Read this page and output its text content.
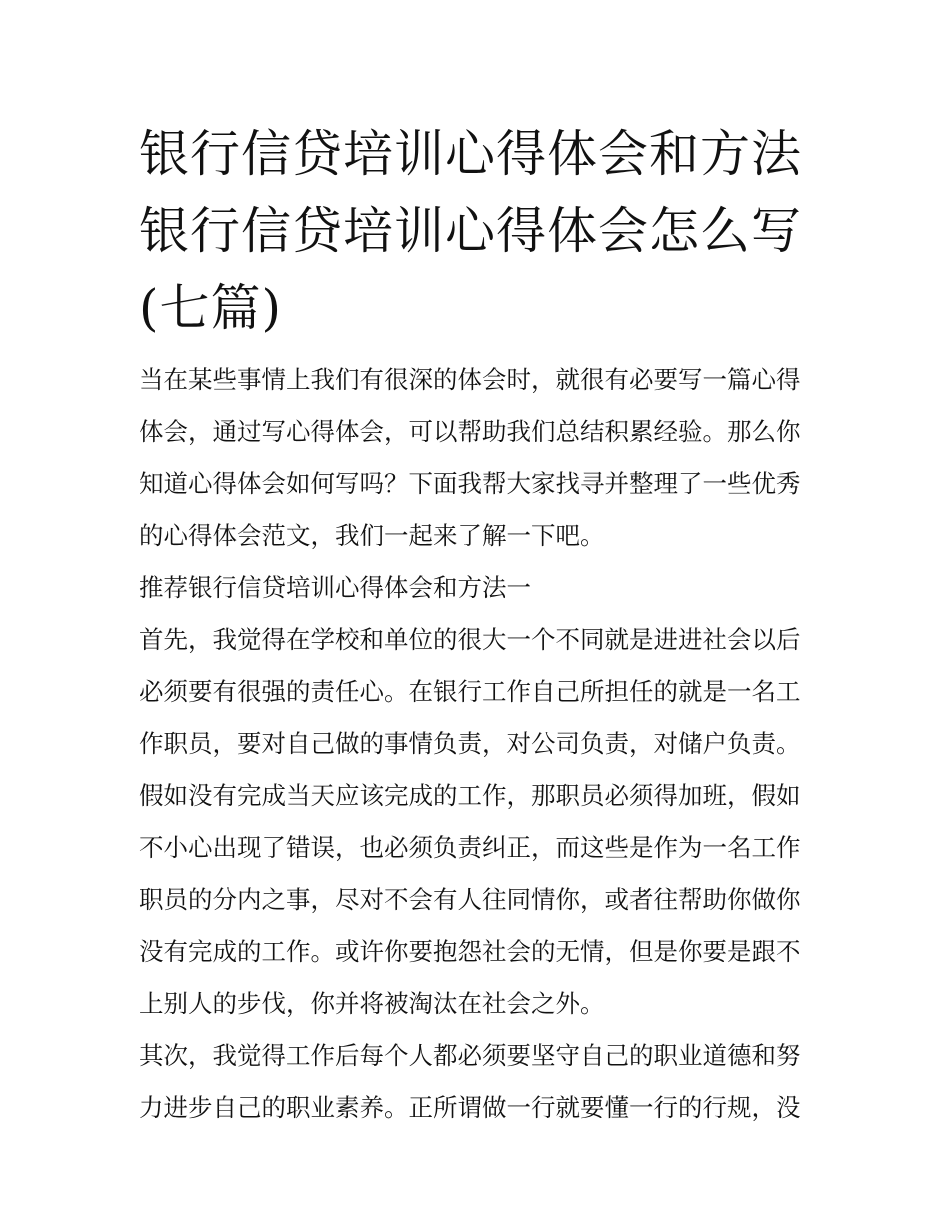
银行信贷培训心得体会和方法
银行信贷培训心得体会怎么写
(七篇)

当在某些事情上我们有很深的体会时，就很有必要写一篇心得体会，通过写心得体会，可以帮助我们总结积累经验。那么你知道心得体会如何写吗？下面我帮大家找寻并整理了一些优秀的心得体会范文，我们一起来了解一下吧。

推荐银行信贷培训心得体会和方法一

首先，我觉得在学校和单位的很大一个不同就是进进社会以后必须要有很强的责任心。在银行工作自己所担任的就是一名工作职员，要对自己做的事情负责，对公司负责，对储户负责。假如没有完成当天应该完成的工作，那职员必须得加班，假如不小心出现了错误，也必须负责纠正，而这些是作为一名工作职员的分内之事，尽对不会有人往同情你，或者往帮助你做你没有完成的工作。或许你要抱怨社会的无情，但是你要是跟不上别人的步伐，你并将被淘汰在社会之外。

其次，我觉得工作后每个人都必须要坚守自己的职业道德和努力进步自己的职业素养。正所谓做一行就要懂一行的行规，没
